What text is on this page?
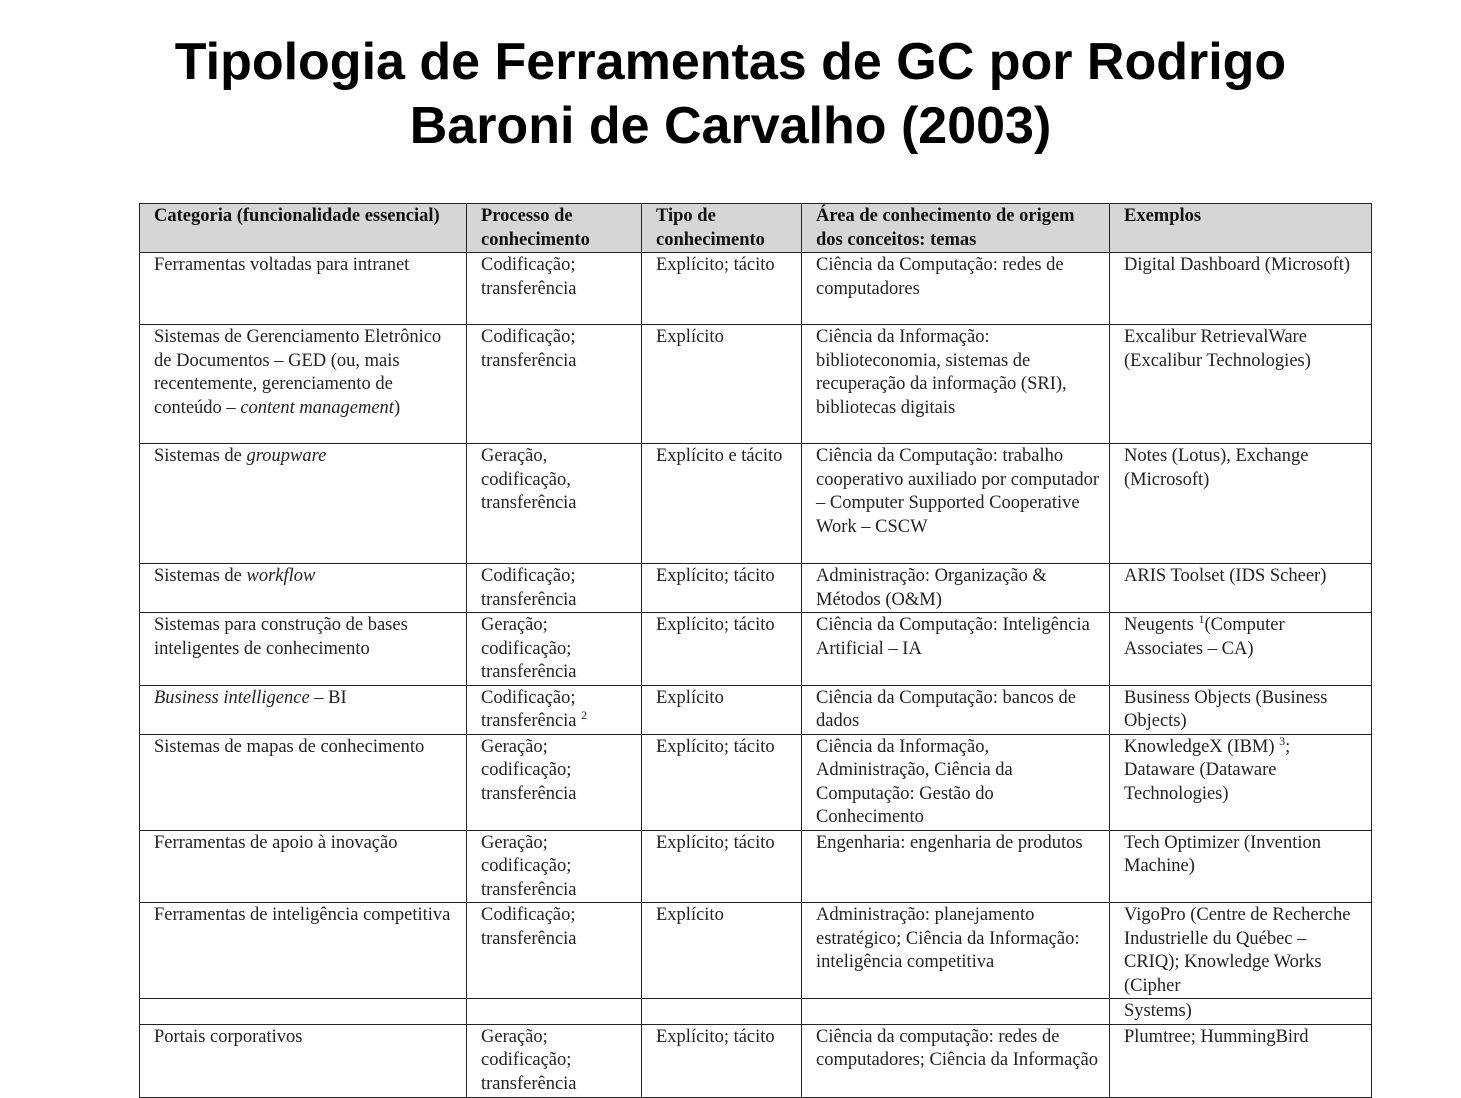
Tipologia de Ferramentas de GC por Rodrigo
Baroni de Carvalho (2003)
Categoria (funcionalidade essencial)	Processo de conhecimento	Tipo de conhecimento	Área de conhecimento de origem dos conceitos: temas	Exemplos
Ferramentas voltadas para intranet	Codificação; transferência	Explícito; tácito	Ciência da Computação: redes de computadores	Digital Dashboard (Microsoft)
Sistemas de Gerenciamento Eletrônico de Documentos – GED (ou, mais recentemente, gerenciamento de conteúdo – content management)	Codificação; transferência	Explícito	Ciência da Informação: biblioteconomia, sistemas de recuperação da informação (SRI), bibliotecas digitais	Excalibur RetrievalWare (Excalibur Technologies)
Sistemas de groupware	Geração, codificação, transferência	Explícito e tácito	Ciência da Computação: trabalho cooperativo auxiliado por computador – Computer Supported Cooperative Work – CSCW	Notes (Lotus), Exchange (Microsoft)
Sistemas de workflow	Codificação; transferência	Explícito; tácito	Administração: Organização & Métodos (O&M)	ARIS Toolset (IDS Scheer)
Sistemas para construção de bases inteligentes de conhecimento	Geração; codificação; transferência	Explícito; tácito	Ciência da Computação: Inteligência Artificial – IA	Neugents $^1$(Computer Associates – CA)
Business intelligence – BI	Codificação; transferência $^2$	Explícito	Ciência da Computação: bancos de dados	Business Objects (Business Objects)
Sistemas de mapas de conhecimento	Geração; codificação; transferência	Explícito; tácito	Ciência da Informação, Administração, Ciência da Computação: Gestão do Conhecimento	KnowledgeX (IBM) $^3$; Dataware (Dataware Technologies)
Ferramentas de apoio à inovação	Geração; codificação; transferência	Explícito; tácito	Engenharia: engenharia de produtos	Tech Optimizer (Invention Machine)
Ferramentas de inteligência competitiva	Codificação; transferência	Explícito	Administração: planejamento estratégico; Ciência da Informação: inteligência competitiva	VigoPro (Centre de Recherche Industrielle du Québec – CRIQ); Knowledge Works (Cipher
				Systems)
Portais corporativos	Geração; codificação; transferência	Explícito; tácito	Ciência da computação: redes de computadores; Ciência da Informação	Plumtree; HummingBird
